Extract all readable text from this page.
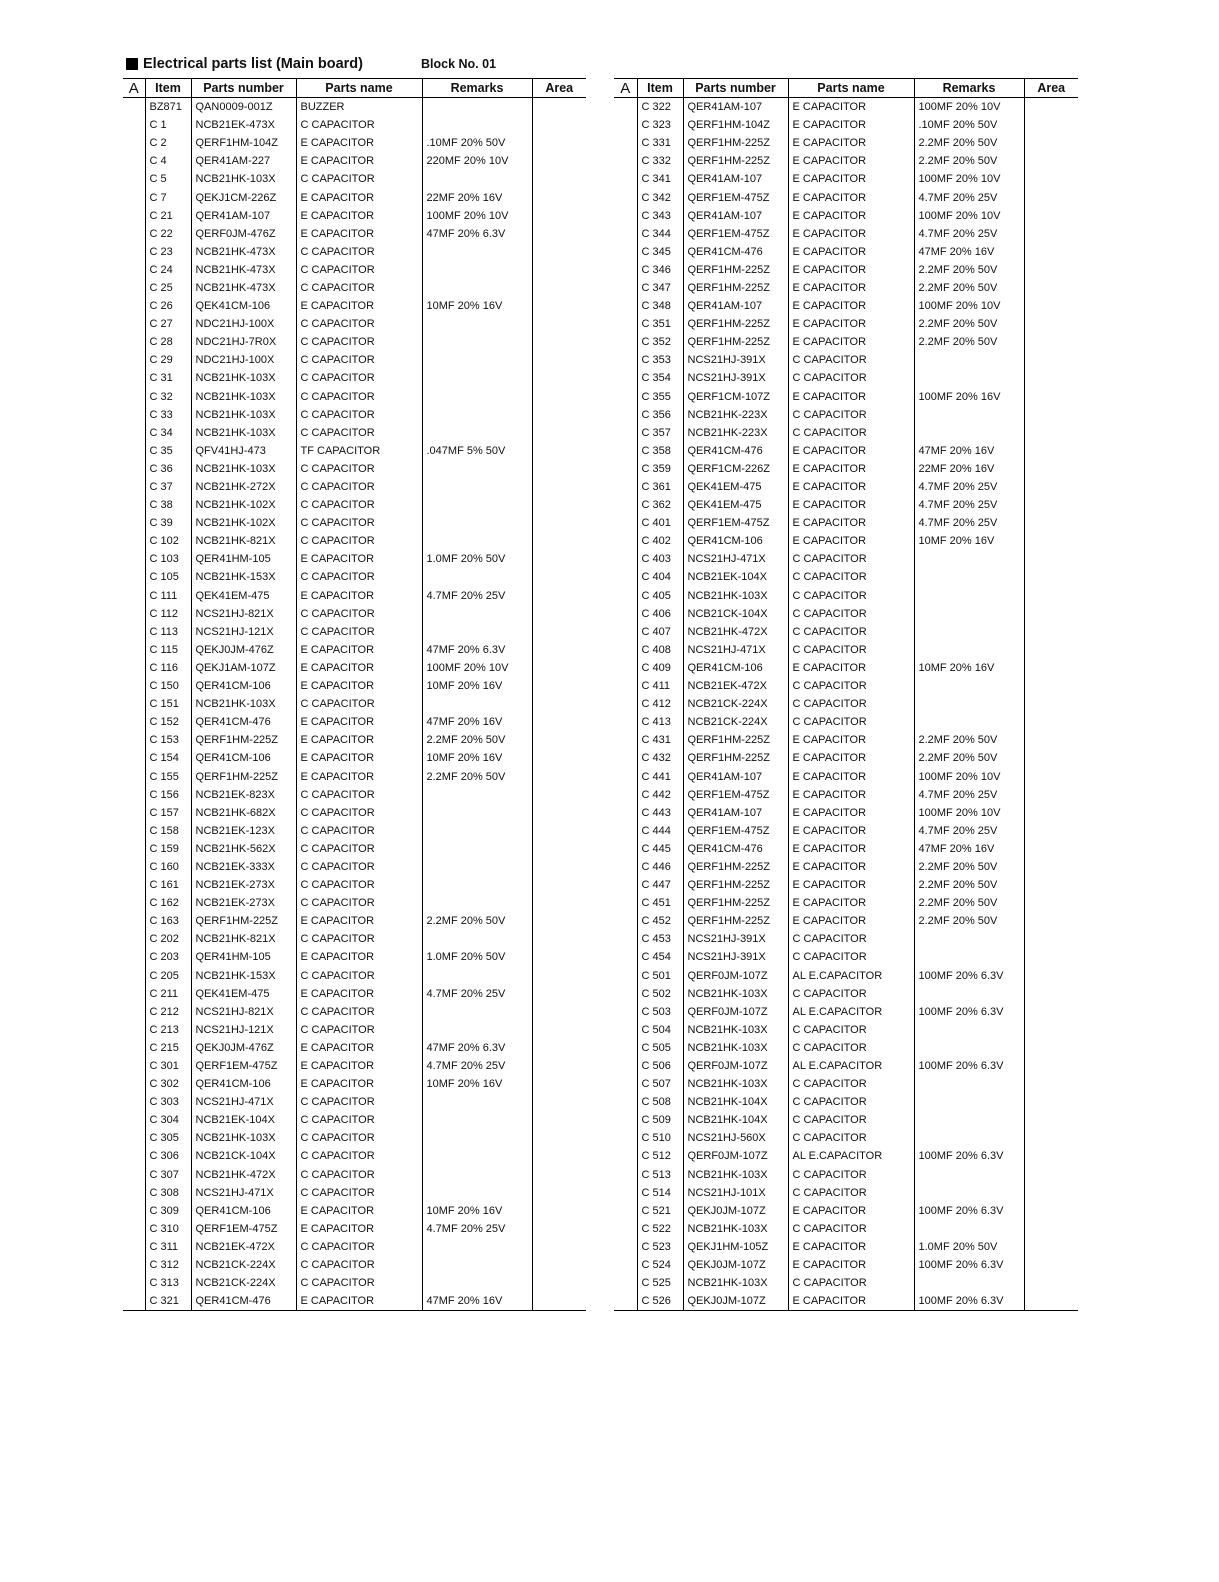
Electrical parts list (Main board)	Block No. 01
A	Item	Parts number	Parts name	Remarks	Area
	BZ871	QAN0009-001Z	BUZZER		
	C 1	NCB21EK-473X	C CAPACITOR		
	C 2	QERF1HM-104Z	E CAPACITOR	.10MF 20% 50V	
	C 4	QER41AM-227	E CAPACITOR	220MF 20% 10V	
	C 5	NCB21HK-103X	C CAPACITOR		
	C 7	QEKJ1CM-226Z	E CAPACITOR	22MF 20% 16V	
	C 21	QER41AM-107	E CAPACITOR	100MF 20% 10V	
	C 22	QERF0JM-476Z	E CAPACITOR	47MF 20% 6.3V	
	C 23	NCB21HK-473X	C CAPACITOR		
	C 24	NCB21HK-473X	C CAPACITOR		
	C 25	NCB21HK-473X	C CAPACITOR		
	C 26	QEK41CM-106	E CAPACITOR	10MF 20% 16V	
	C 27	NDC21HJ-100X	C CAPACITOR		
	C 28	NDC21HJ-7R0X	C CAPACITOR		
	C 29	NDC21HJ-100X	C CAPACITOR		
	C 31	NCB21HK-103X	C CAPACITOR		
	C 32	NCB21HK-103X	C CAPACITOR		
	C 33	NCB21HK-103X	C CAPACITOR		
	C 34	NCB21HK-103X	C CAPACITOR		
	C 35	QFV41HJ-473	TF CAPACITOR	.047MF 5% 50V	
	C 36	NCB21HK-103X	C CAPACITOR		
	C 37	NCB21HK-272X	C CAPACITOR		
	C 38	NCB21HK-102X	C CAPACITOR		
	C 39	NCB21HK-102X	C CAPACITOR		
	C 102	NCB21HK-821X	C CAPACITOR		
	C 103	QER41HM-105	E CAPACITOR	1.0MF 20% 50V	
	C 105	NCB21HK-153X	C CAPACITOR		
	C 111	QEK41EM-475	E CAPACITOR	4.7MF 20% 25V	
	C 112	NCS21HJ-821X	C CAPACITOR		
	C 113	NCS21HJ-121X	C CAPACITOR		
	C 115	QEKJ0JM-476Z	E CAPACITOR	47MF 20% 6.3V	
	C 116	QEKJ1AM-107Z	E CAPACITOR	100MF 20% 10V	
	C 150	QER41CM-106	E CAPACITOR	10MF 20% 16V	
	C 151	NCB21HK-103X	C CAPACITOR		
	C 152	QER41CM-476	E CAPACITOR	47MF 20% 16V	
	C 153	QERF1HM-225Z	E CAPACITOR	2.2MF 20% 50V	
	C 154	QER41CM-106	E CAPACITOR	10MF 20% 16V	
	C 155	QERF1HM-225Z	E CAPACITOR	2.2MF 20% 50V	
	C 156	NCB21EK-823X	C CAPACITOR		
	C 157	NCB21HK-682X	C CAPACITOR		
	C 158	NCB21EK-123X	C CAPACITOR		
	C 159	NCB21HK-562X	C CAPACITOR		
	C 160	NCB21EK-333X	C CAPACITOR		
	C 161	NCB21EK-273X	C CAPACITOR		
	C 162	NCB21EK-273X	C CAPACITOR		
	C 163	QERF1HM-225Z	E CAPACITOR	2.2MF 20% 50V	
	C 202	NCB21HK-821X	C CAPACITOR		
	C 203	QER41HM-105	E CAPACITOR	1.0MF 20% 50V	
	C 205	NCB21HK-153X	C CAPACITOR		
	C 211	QEK41EM-475	E CAPACITOR	4.7MF 20% 25V	
	C 212	NCS21HJ-821X	C CAPACITOR		
	C 213	NCS21HJ-121X	C CAPACITOR		
	C 215	QEKJ0JM-476Z	E CAPACITOR	47MF 20% 6.3V	
	C 301	QERF1EM-475Z	E CAPACITOR	4.7MF 20% 25V	
	C 302	QER41CM-106	E CAPACITOR	10MF 20% 16V	
	C 303	NCS21HJ-471X	C CAPACITOR		
	C 304	NCB21EK-104X	C CAPACITOR		
	C 305	NCB21HK-103X	C CAPACITOR		
	C 306	NCB21CK-104X	C CAPACITOR		
	C 307	NCB21HK-472X	C CAPACITOR		
	C 308	NCS21HJ-471X	C CAPACITOR		
	C 309	QER41CM-106	E CAPACITOR	10MF 20% 16V	
	C 310	QERF1EM-475Z	E CAPACITOR	4.7MF 20% 25V	
	C 311	NCB21EK-472X	C CAPACITOR		
	C 312	NCB21CK-224X	C CAPACITOR		
	C 313	NCB21CK-224X	C CAPACITOR		
	C 321	QER41CM-476	E CAPACITOR	47MF 20% 16V	
A	Item	Parts number	Parts name	Remarks	Area
	C 322	QER41AM-107	E CAPACITOR	100MF 20% 10V	
	C 323	QERF1HM-104Z	E CAPACITOR	.10MF 20% 50V	
	C 331	QERF1HM-225Z	E CAPACITOR	2.2MF 20% 50V	
	C 332	QERF1HM-225Z	E CAPACITOR	2.2MF 20% 50V	
	C 341	QER41AM-107	E CAPACITOR	100MF 20% 10V	
	C 342	QERF1EM-475Z	E CAPACITOR	4.7MF 20% 25V	
	C 343	QER41AM-107	E CAPACITOR	100MF 20% 10V	
	C 344	QERF1EM-475Z	E CAPACITOR	4.7MF 20% 25V	
	C 345	QER41CM-476	E CAPACITOR	47MF 20% 16V	
	C 346	QERF1HM-225Z	E CAPACITOR	2.2MF 20% 50V	
	C 347	QERF1HM-225Z	E CAPACITOR	2.2MF 20% 50V	
	C 348	QER41AM-107	E CAPACITOR	100MF 20% 10V	
	C 351	QERF1HM-225Z	E CAPACITOR	2.2MF 20% 50V	
	C 352	QERF1HM-225Z	E CAPACITOR	2.2MF 20% 50V	
	C 353	NCS21HJ-391X	C CAPACITOR		
	C 354	NCS21HJ-391X	C CAPACITOR		
	C 355	QERF1CM-107Z	E CAPACITOR	100MF 20% 16V	
	C 356	NCB21HK-223X	C CAPACITOR		
	C 357	NCB21HK-223X	C CAPACITOR		
	C 358	QER41CM-476	E CAPACITOR	47MF 20% 16V	
	C 359	QERF1CM-226Z	E CAPACITOR	22MF 20% 16V	
	C 361	QEK41EM-475	E CAPACITOR	4.7MF 20% 25V	
	C 362	QEK41EM-475	E CAPACITOR	4.7MF 20% 25V	
	C 401	QERF1EM-475Z	E CAPACITOR	4.7MF 20% 25V	
	C 402	QER41CM-106	E CAPACITOR	10MF 20% 16V	
	C 403	NCS21HJ-471X	C CAPACITOR		
	C 404	NCB21EK-104X	C CAPACITOR		
	C 405	NCB21HK-103X	C CAPACITOR		
	C 406	NCB21CK-104X	C CAPACITOR		
	C 407	NCB21HK-472X	C CAPACITOR		
	C 408	NCS21HJ-471X	C CAPACITOR		
	C 409	QER41CM-106	E CAPACITOR	10MF 20% 16V	
	C 411	NCB21EK-472X	C CAPACITOR		
	C 412	NCB21CK-224X	C CAPACITOR		
	C 413	NCB21CK-224X	C CAPACITOR		
	C 431	QERF1HM-225Z	E CAPACITOR	2.2MF 20% 50V	
	C 432	QERF1HM-225Z	E CAPACITOR	2.2MF 20% 50V	
	C 441	QER41AM-107	E CAPACITOR	100MF 20% 10V	
	C 442	QERF1EM-475Z	E CAPACITOR	4.7MF 20% 25V	
	C 443	QER41AM-107	E CAPACITOR	100MF 20% 10V	
	C 444	QERF1EM-475Z	E CAPACITOR	4.7MF 20% 25V	
	C 445	QER41CM-476	E CAPACITOR	47MF 20% 16V	
	C 446	QERF1HM-225Z	E CAPACITOR	2.2MF 20% 50V	
	C 447	QERF1HM-225Z	E CAPACITOR	2.2MF 20% 50V	
	C 451	QERF1HM-225Z	E CAPACITOR	2.2MF 20% 50V	
	C 452	QERF1HM-225Z	E CAPACITOR	2.2MF 20% 50V	
	C 453	NCS21HJ-391X	C CAPACITOR		
	C 454	NCS21HJ-391X	C CAPACITOR		
	C 501	QERF0JM-107Z	AL E.CAPACITOR	100MF 20% 6.3V	
	C 502	NCB21HK-103X	C CAPACITOR		
	C 503	QERF0JM-107Z	AL E.CAPACITOR	100MF 20% 6.3V	
	C 504	NCB21HK-103X	C CAPACITOR		
	C 505	NCB21HK-103X	C CAPACITOR		
	C 506	QERF0JM-107Z	AL E.CAPACITOR	100MF 20% 6.3V	
	C 507	NCB21HK-103X	C CAPACITOR		
	C 508	NCB21HK-104X	C CAPACITOR		
	C 509	NCB21HK-104X	C CAPACITOR		
	C 510	NCS21HJ-560X	C CAPACITOR		
	C 512	QERF0JM-107Z	AL E.CAPACITOR	100MF 20% 6.3V	
	C 513	NCB21HK-103X	C CAPACITOR		
	C 514	NCS21HJ-101X	C CAPACITOR		
	C 521	QEKJ0JM-107Z	E CAPACITOR	100MF 20% 6.3V	
	C 522	NCB21HK-103X	C CAPACITOR		
	C 523	QEKJ1HM-105Z	E CAPACITOR	1.0MF 20% 50V	
	C 524	QEKJ0JM-107Z	E CAPACITOR	100MF 20% 6.3V	
	C 525	NCB21HK-103X	C CAPACITOR		
	C 526	QEKJ0JM-107Z	E CAPACITOR	100MF 20% 6.3V	
